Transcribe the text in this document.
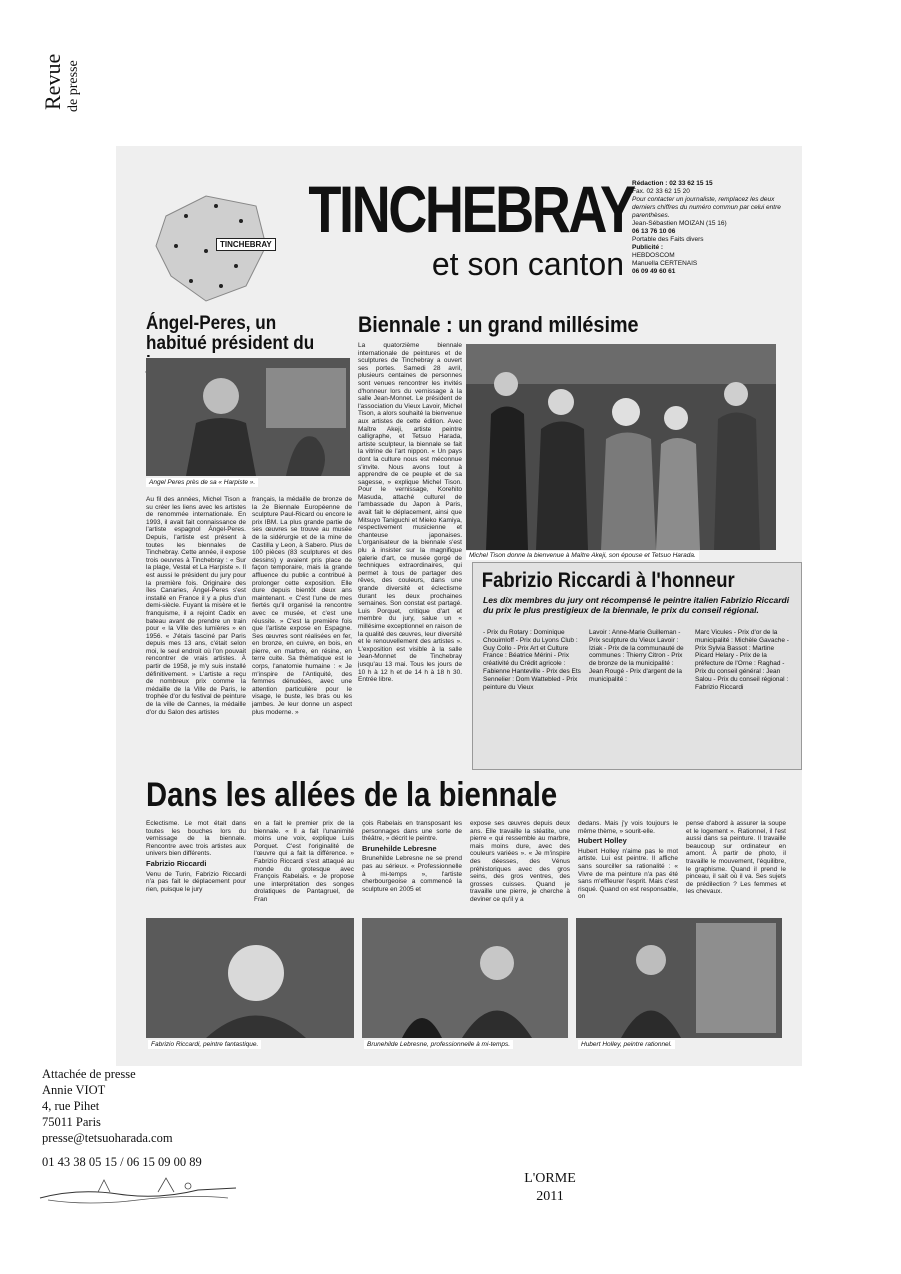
Revue de presse
TINCHEBRAY TINCHEBRAY
et son canton
Rédaction : 02 33 62 15 15
Fax. 02 33 62 15 20
Pour contacter un journaliste, remplacez les deux derniers chiffres du numéro commun par celui entre parenthèses.
Jean-Sébastien MOIZAN (15 16)

06 13 76 10 06
Portable des Faits divers
Publicité :
HEBDOSCOM
Manuella CERTENAIS
06 09 49 60 61
Ángel-Peres, un habitué président du
Angel Peres près de sa « Harpiste ».
Au fil des années, Michel Tison a su créer les liens avec les artistes de renommée internationale. En 1993, il avait fait connaissance de l'artiste espagnol Ángel-Peres. Depuis, l'artiste est présent à toutes les biennales de Tinchebray. Cette année, il expose trois oeuvres à Tinchebray : « Sur la plage, Vestal et La Harpiste ». Il est aussi le président du jury pour la première fois. Originaire des îles Canaries, Ángel-Peres s'est installé en France il y a plus d'un demi-siècle. Fuyant la misère et le franquisme, il a rejoint Cadix en bateau avant de prendre un train pour « la Ville des lumières » en 1956. « J'étais fasciné par Paris depuis mes 13 ans, c'était selon moi, le seul endroit où l'on pouvait rencontrer de vrais artistes. À partir de 1958, je m'y suis installé définitivement. » L'artiste a reçu de nombreux prix comme la médaille de la Ville de Paris, le trophée d'or du festival de peinture de la ville de Cannes, la médaille d'or du Salon des artistes
français, la médaille de bronze de la 2e Biennale Européenne de sculpture Paul-Ricard ou encore le prix IBM. La plus grande partie de ses œuvres se trouve au musée de la sidérurgie et de la mine de Castilla y Leon, à Sabero. Plus de 100 pièces (83 sculptures et des dessins) y avaient pris place de façon temporaire, mais la grande affluence du public a contribué à prolonger cette exposition. Elle dure depuis bientôt deux ans maintenant. « C'est l'une de mes fiertés qu'il organisé la rencontre avec ce musée, et c'est une réussite. » C'est la première fois que l'artiste expose en Espagne. Ses œuvres sont réalisées en fer, en bronze, en cuivre, en bois, en pierre, en marbre, en résine, en terre cuite. Sa thématique est le corps, l'anatomie humaine : « Je m'inspire de l'Antiquité, des femmes dénudées, avec une attention particulière pour le visage, le buste, les bras ou les jambes. Je leur donne un aspect plus moderne. »
Biennale : un grand millésime
La quatorzième biennale internationale de peintures et de sculptures de Tinchebray a ouvert ses portes. Samedi 28 avril, plusieurs centaines de personnes sont venues rencontrer les invités d'honneur lors du vernissage à la salle Jean-Monnet. Le président de l'association du Vieux Lavoir, Michel Tison, a alors souhaité la bienvenue aux artistes de cette édition. Avec Maître Akeji, artiste peintre calligraphe, et Tetsuo Harada, artiste sculpteur, la biennale se fait la vitrine de l'art nippon. « Un pays dont la culture nous est méconnue s'invite. Nous avons tout à apprendre de ce peuple et de sa sagesse, » explique Michel Tison. Pour le vernissage, Korehito Masuda, attaché culturel de l'ambassade du Japon à Paris, avait fait le déplacement, ainsi que Mitsuyo Taniguchi et Mieko Kamiya, respectivement musicienne et chanteuse japonaises. L'organisateur de la biennale s'est plu à insister sur la magnifique galerie d'art, ce musée gorgé de techniques extraordinaires, qui permet à tous de partager des rêves, des couleurs, dans une grande diversité et éclectisme durant les deux prochaines semaines. Son constat est partagé. Luis Porquet, critique d'art et membre du jury, salue un « millésime exceptionnel en raison de la qualité des œuvres, leur diversité et le renouvellement des artistes ». L'exposition est visible à la salle Jean-Monnet de Tinchebray jusqu'au 13 mai. Tous les jours de 10 h à 12 h et de 14 h à 18 h 30. Entrée libre.
Michel Tison donne la bienvenue à Maître Akeji, son épouse et Tetsuo Harada.
Fabrizio Riccardi à l'honneur
Les dix membres du jury ont récompensé le peintre italien Fabrizio Riccardi du prix le plus prestigieux de la biennale, le prix du conseil régional.
- Prix du Rotary : Dominique Chouimloff - Prix du Lyons Club : Guy Collo - Prix Art et Culture France : Béatrice Mérini - Prix créativité du Crédit agricole : Fabienne Hanteville - Prix des Ets Sennelier : Dom Wattebled - Prix peinture du Vieux
Lavoir : Anne-Marie Guilleman - Prix sculpture du Vieux Lavoir : Iziak - Prix de la communauté de communes : Thierry Citron - Prix de bronze de la municipalité : Jean Rougé - Prix d'argent de la municipalité :
Marc Vicules - Prix d'or de la municipalité : Michèle Gavache - Prix Sylvia Bassot : Martine Picard Helary - Prix de la préfecture de l'Orne : Raghad - Prix du conseil général : Jean Salou - Prix du conseil régional : Fabrizio Riccardi
Dans les allées de la biennale

Éclectisme. Le mot était dans toutes les bouches lors du vernissage de la biennale. Rencontre avec trois artistes aux univers bien différents.

Fabrizio Riccardi

Venu de Turin, Fabrizio Riccardi n'a pas fait le déplacement pour rien, puisque le jury

en a fait le premier prix de la biennale. « Il a fait l'unanimité moins une voix, explique Luis Porquet. C'est l'originalité de l'œuvre qui a fait la différence. » Fabrizio Riccardi s'est attaqué au monde du grotesque avec François Rabelais. « Je propose une interprétation des songes drolatiques de Pantagruel, de Fran

çois Rabelais en transposant les personnages dans une sorte de théâtre, » décrit le peintre.

Brunehilde Lebresne

Brunehilde Lebresne ne se prend pas au sérieux. « Professionnelle à mi-temps », l'artiste cherbourgeoise a commencé la sculpture en 2005 et

expose ses œuvres depuis deux ans. Elle travaille la stéatite, une pierre « qui ressemble au marbre, mais moins dure, avec des couleurs variées ». « Je m'inspire des déesses, des Vénus préhistoriques avec des gros seins, des gros ventres, des grosses cuisses. Quand je travaille une pierre, je cherche à deviner ce qu'il y a

dedans. Mais j'y vois toujours le même thème, » sourit-elle.

Hubert Holley

Hubert Holley n'aime pas le mot artiste. Lui est peintre. Il affiche sans sourciller sa rationalité : « Vivre de ma peinture n'a pas été sans m'effleurer l'esprit. Mais c'est risqué. Quand on est responsable, on

pense d'abord à assurer la soupe et le logement ». Rationnel, il l'est aussi dans sa peinture. Il travaille beaucoup sur ordinateur en amont. À partir de photo, il travaille le mouvement, l'équilibre, le graphisme. Quand il prend le pinceau, il sait où il va. Ses sujets de prédilection ? Les femmes et les chevaux.
Fabrizio Riccardi, peintre fantastique.	Brunehilde Lebresne, professionnelle à mi-temps.	Hubert Holley, peintre rationnel.
Attachée de presse
Annie VIOT
4, rue Pihet
75011 Paris
presse@tetsuoharada.com
01 43 38 05 15 / 06 15 09 00 89
L'ORME
2011
